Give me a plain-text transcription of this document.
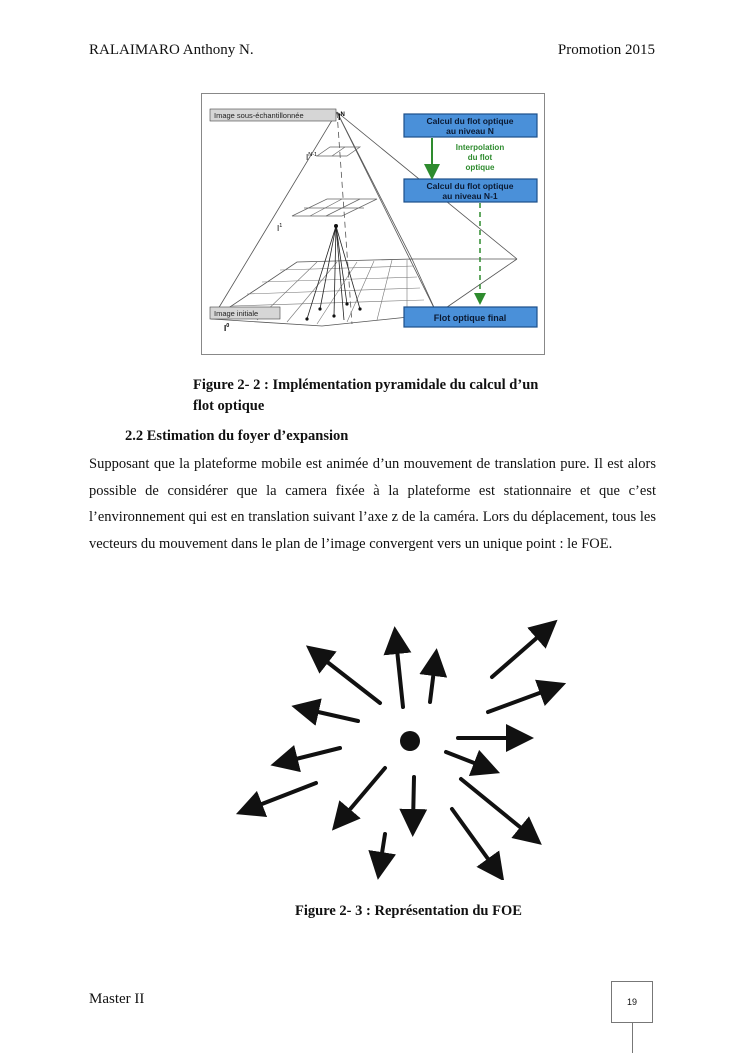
RALAIMARO Anthony N.	Promotion 2015
Image sous-échantillonnée
Image initiale
$I^N$
$I^{N-1}$
$I^1$
$I^0$
Calcul du flot optique
au niveau N
Calcul du flot optique
au niveau N-1
Flot optique final
Interpolation
du flot
optique
Figure 2- 2 : Implémentation pyramidale du calcul d’un
flot optique
2.2 Estimation du foyer d’expansion
Supposant que la plateforme mobile est animée d’un mouvement de translation pure. Il est alors possible de considérer que la camera fixée à la plateforme est stationnaire et que c’est l’environnement qui est en translation suivant l’axe z de la caméra. Lors du déplacement, tous les vecteurs du mouvement dans le plan de l’image convergent vers un unique point : le FOE.
Figure 2- 3 : Représentation du FOE
Master II	19
